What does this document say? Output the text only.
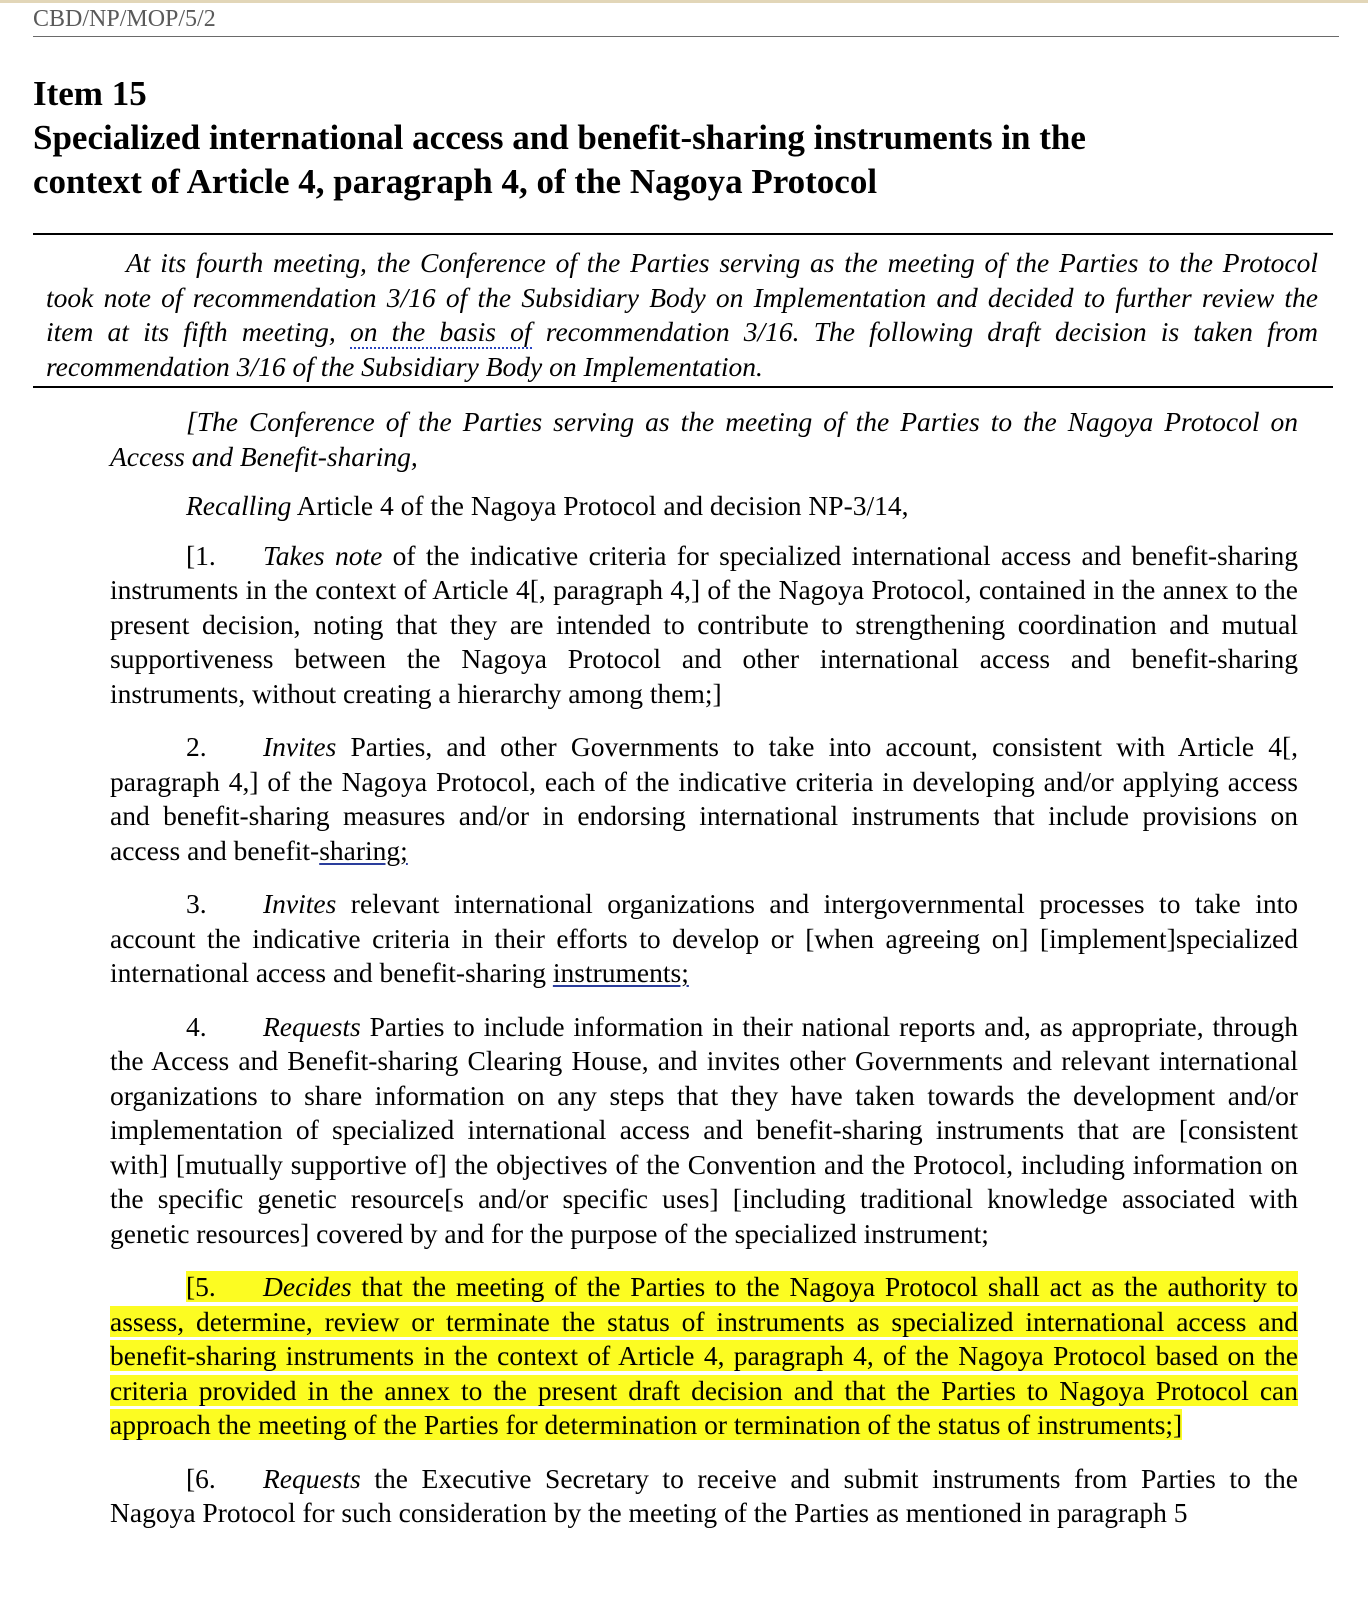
CBD/NP/MOP/5/2
Item 15
Specialized international access and benefit-sharing instruments in the
context of Article 4, paragraph 4, of the Nagoya Protocol
At its fourth meeting, the Conference of the Parties serving as the meeting of the Parties to the Protocol took note of recommendation 3/16 of the Subsidiary Body on Implementation and decided to further review the item at its fifth meeting, on the basis of recommendation 3/16. The following draft decision is taken from recommendation 3/16 of the Subsidiary Body on Implementation.

[The Conference of the Parties serving as the meeting of the Parties to the Nagoya Protocol on Access and Benefit-sharing,

Recalling Article 4 of the Nagoya Protocol and decision NP-3/14,

[1. Takes note of the indicative criteria for specialized international access and benefit-sharing instruments in the context of Article 4[, paragraph 4,] of the Nagoya Protocol, contained in the annex to the present decision, noting that they are intended to contribute to strengthening coordination and mutual supportiveness between the Nagoya Protocol and other international access and benefit-sharing instruments, without creating a hierarchy among them;]

2. Invites Parties, and other Governments to take into account, consistent with Article 4[, paragraph 4,] of the Nagoya Protocol, each of the indicative criteria in developing and/or applying access and benefit-sharing measures and/or in endorsing international instruments that include provisions on access and benefit-sharing;

3. Invites relevant international organizations and intergovernmental processes to take into account the indicative criteria in their efforts to develop or [when agreeing on] [implement]specialized international access and benefit-sharing instruments;

4. Requests Parties to include information in their national reports and, as appropriate, through the Access and Benefit-sharing Clearing House, and invites other Governments and relevant international organizations to share information on any steps that they have taken towards the development and/or implementation of specialized international access and benefit-sharing instruments that are [consistent with] [mutually supportive of] the objectives of the Convention and the Protocol, including information on the specific genetic resource[s and/or specific uses] [including traditional knowledge associated with genetic resources] covered by and for the purpose of the specialized instrument;

[5. Decides that the meeting of the Parties to the Nagoya Protocol shall act as the authority to assess, determine, review or terminate the status of instruments as specialized international access and benefit-sharing instruments in the context of Article 4, paragraph 4, of the Nagoya Protocol based on the criteria provided in the annex to the present draft decision and that the Parties to Nagoya Protocol can approach the meeting of the Parties for determination or termination of the status of instruments;]

[6. Requests the Executive Secretary to receive and submit instruments from Parties to the Nagoya Protocol for such consideration by the meeting of the Parties as mentioned in paragraph 5
